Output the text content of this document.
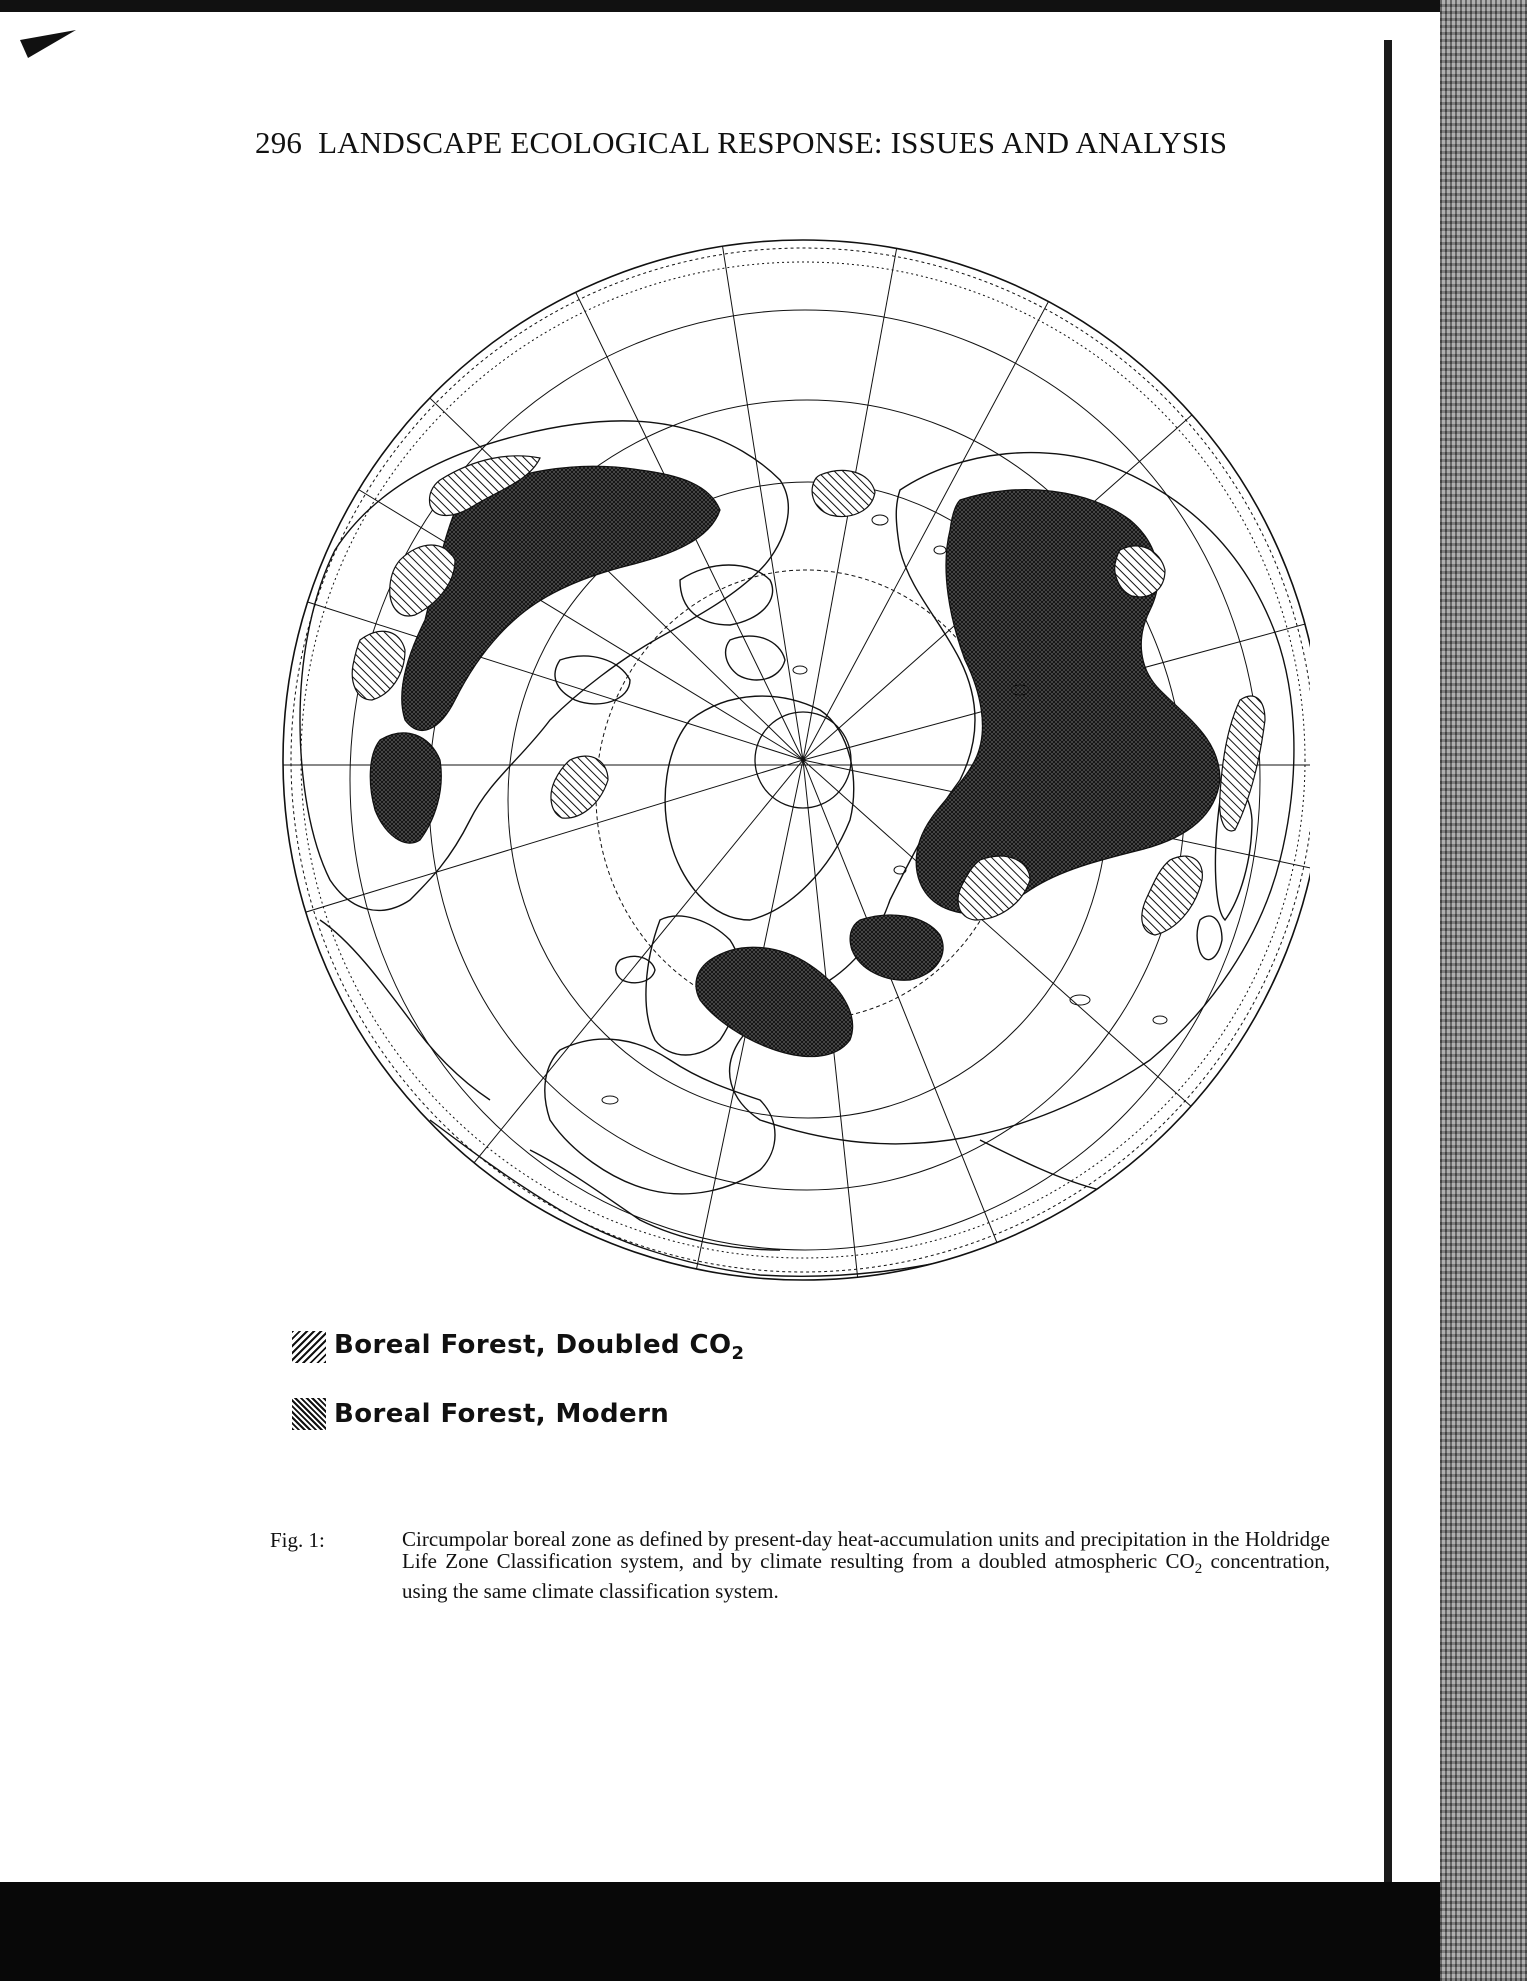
296 LANDSCAPE ECOLOGICAL RESPONSE: ISSUES AND ANALYSIS
Boreal Forest, Doubled $CO_2$
Boreal Forest, Modern
Fig. 1:	Circumpolar boreal zone as defined by present-day heat-accumulation units and precipitation in the Holdridge Life Zone Classification system, and by climate resulting from a doubled atmospheric $CO_2$ concentration, using the same climate classification system.
